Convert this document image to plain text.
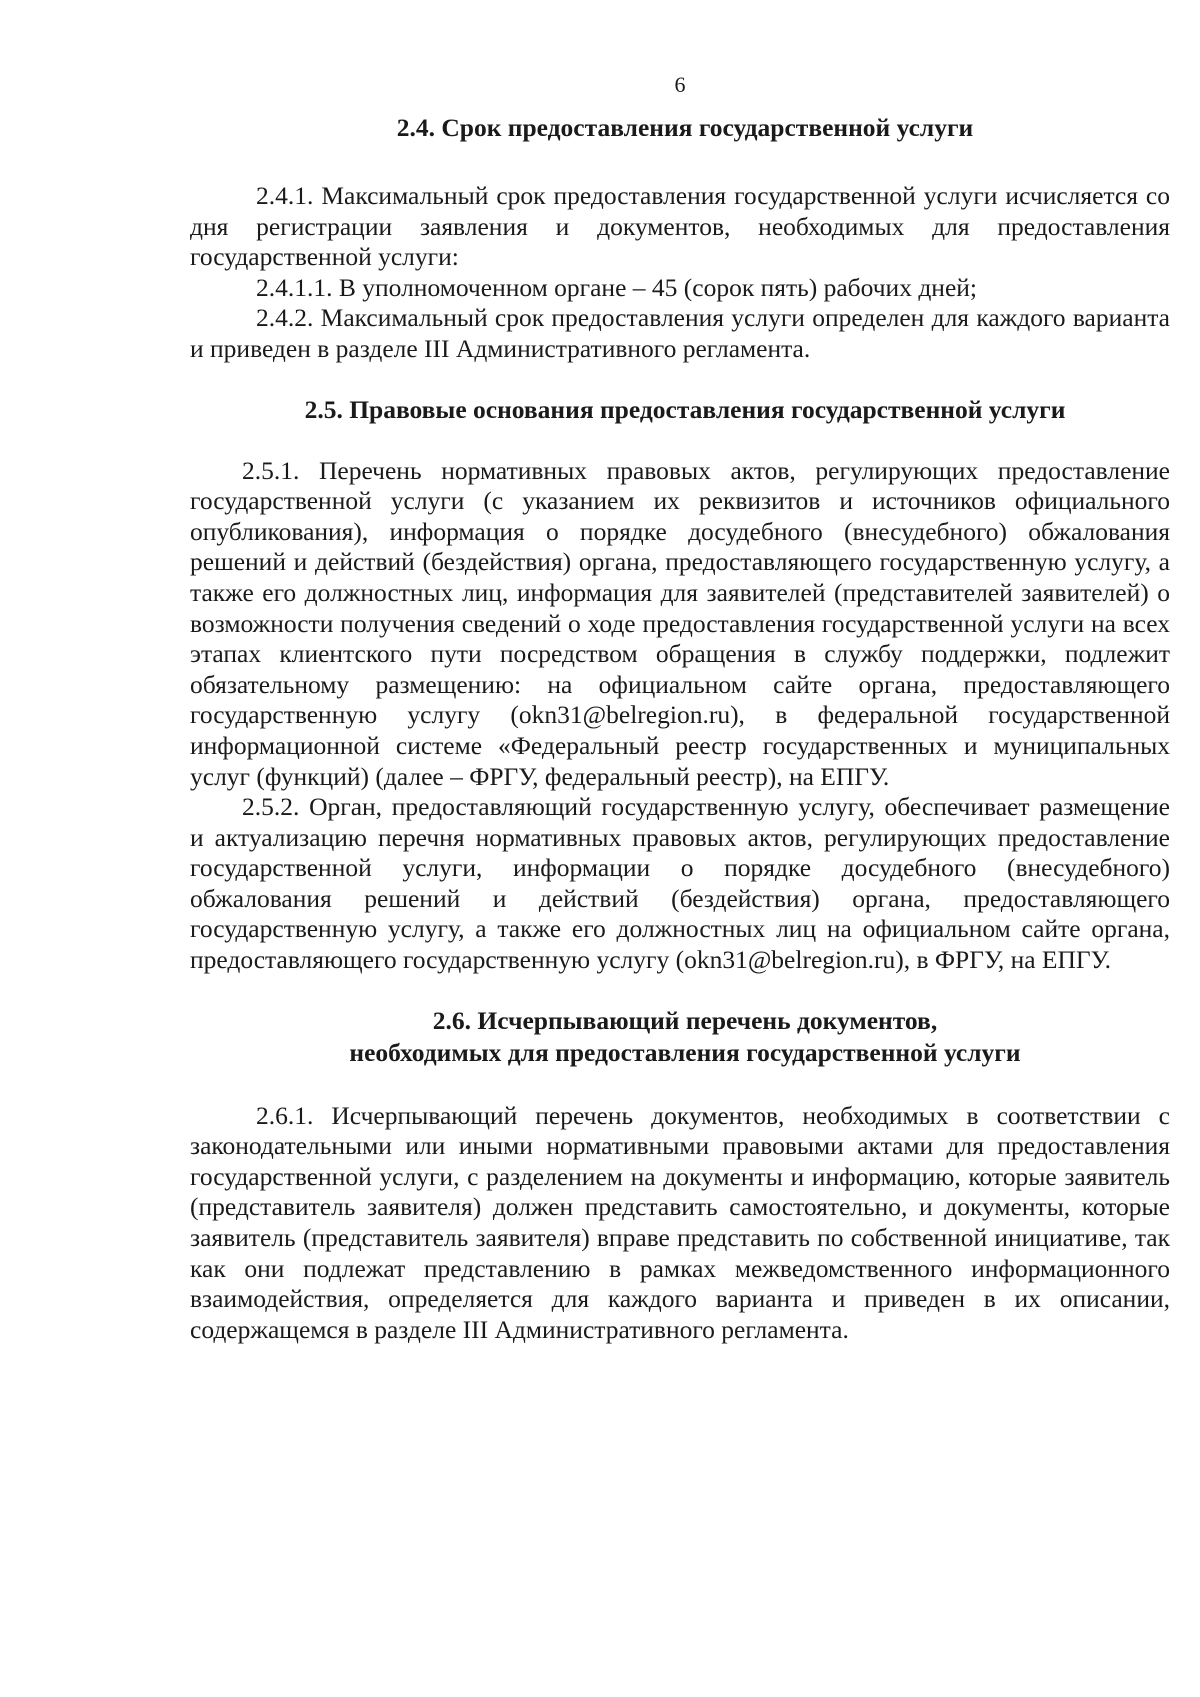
6

2.4. Срок предоставления государственной услуги

2.4.1. Максимальный срок предоставления государственной услуги исчисляется со дня регистрации заявления и документов, необходимых для предоставления государственной услуги:

2.4.1.1. В уполномоченном органе – 45 (сорок пять) рабочих дней;

2.4.2. Максимальный срок предоставления услуги определен для каждого варианта и приведен в разделе III Административного регламента.

2.5. Правовые основания предоставления государственной услуги

2.5.1. Перечень нормативных правовых актов, регулирующих предоставление государственной услуги (с указанием их реквизитов и источников официального опубликования), информация о порядке досудебного (внесудебного) обжалования решений и действий (бездействия) органа, предоставляющего государственную услугу, а также его должностных лиц, информация для заявителей (представителей заявителей) о возможности получения сведений о ходе предоставления государственной услуги на всех этапах клиентского пути посредством обращения в службу поддержки, подлежит обязательному размещению: на официальном сайте органа, предоставляющего государственную услугу (okn31@belregion.ru), в федеральной государственной информационной системе «Федеральный реестр государственных и муниципальных услуг (функций) (далее – ФРГУ, федеральный реестр), на ЕПГУ.

2.5.2. Орган, предоставляющий государственную услугу, обеспечивает размещение и актуализацию перечня нормативных правовых актов, регулирующих предоставление государственной услуги, информации о порядке досудебного (внесудебного) обжалования решений и действий (бездействия) органа, предоставляющего государственную услугу, а также его должностных лиц на официальном сайте органа, предоставляющего государственную услугу (okn31@belregion.ru), в ФРГУ, на ЕПГУ.

2.6. Исчерпывающий перечень документов,
необходимых для предоставления государственной услуги

2.6.1. Исчерпывающий перечень документов, необходимых в соответствии с законодательными или иными нормативными правовыми актами для предоставления государственной услуги, с разделением на документы и информацию, которые заявитель (представитель заявителя) должен представить самостоятельно, и документы, которые заявитель (представитель заявителя) вправе представить по собственной инициативе, так как они подлежат представлению в рамках межведомственного информационного взаимодействия, определяется для каждого варианта и приведен в их описании, содержащемся в разделе III Административного регламента.
